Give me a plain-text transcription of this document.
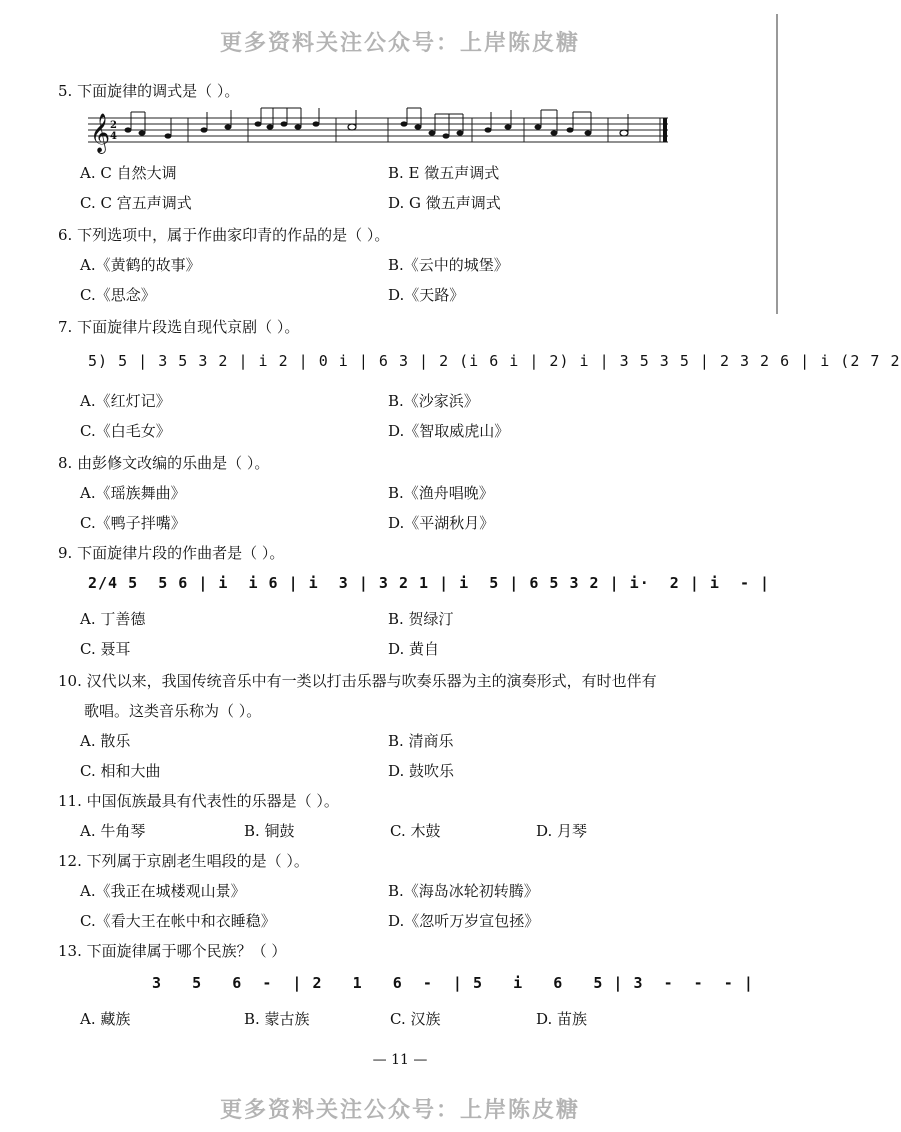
更多资料关注公众号：上岸陈皮糖
5. 下面旋律的调式是（ ）。
𝄞 2
4
A. C 自然大调	B. E 徵五声调式
C. C 宫五声调式	D. G 徵五声调式
6. 下列选项中，属于作曲家印青的作品的是（ ）。
A.《黄鹤的故事》	B.《云中的城堡》
C.《思念》	D.《天路》
7. 下面旋律片段选自现代京剧（ ）。
5) 5 | 3 5 3 2 | i 2 | 0 i | 6 3 | 2 (i 6 i | 2) i | 3 5 3 5 | 2 3 2 6 | i (2 7 2
A.《红灯记》	B.《沙家浜》
C.《白毛女》	D.《智取威虎山》
8. 由彭修文改编的乐曲是（ ）。
A.《瑶族舞曲》	B.《渔舟唱晚》
C.《鸭子拌嘴》	D.《平湖秋月》
9. 下面旋律片段的作曲者是（ ）。
2/4 5  5 6 | i  i 6 | i  3 | 3 2 1 | i  5 | 6 5 3 2 | i·  2 | i  - |
A. 丁善德	B. 贺绿汀
C. 聂耳	D. 黄自
10. 汉代以来，我国传统音乐中有一类以打击乐器与吹奏乐器为主的演奏形式，有时也伴有
歌唱。这类音乐称为（ ）。
A. 散乐	B. 清商乐
C. 相和大曲	D. 鼓吹乐
11. 中国佤族最具有代表性的乐器是（ ）。
A. 牛角琴	B. 铜鼓	C. 木鼓	D. 月琴
12. 下列属于京剧老生唱段的是（ ）。
A.《我正在城楼观山景》	B.《海岛冰轮初转腾》
C.《看大王在帐中和衣睡稳》	D.《忽听万岁宣包拯》
13. 下面旋律属于哪个民族？（ ）
3   5   6  -  | 2   1   6  -  | 5   i   6   5 | 3  -  -  - |
A. 藏族	B. 蒙古族	C. 汉族	D. 苗族
— 11 —
更多资料关注公众号：上岸陈皮糖
